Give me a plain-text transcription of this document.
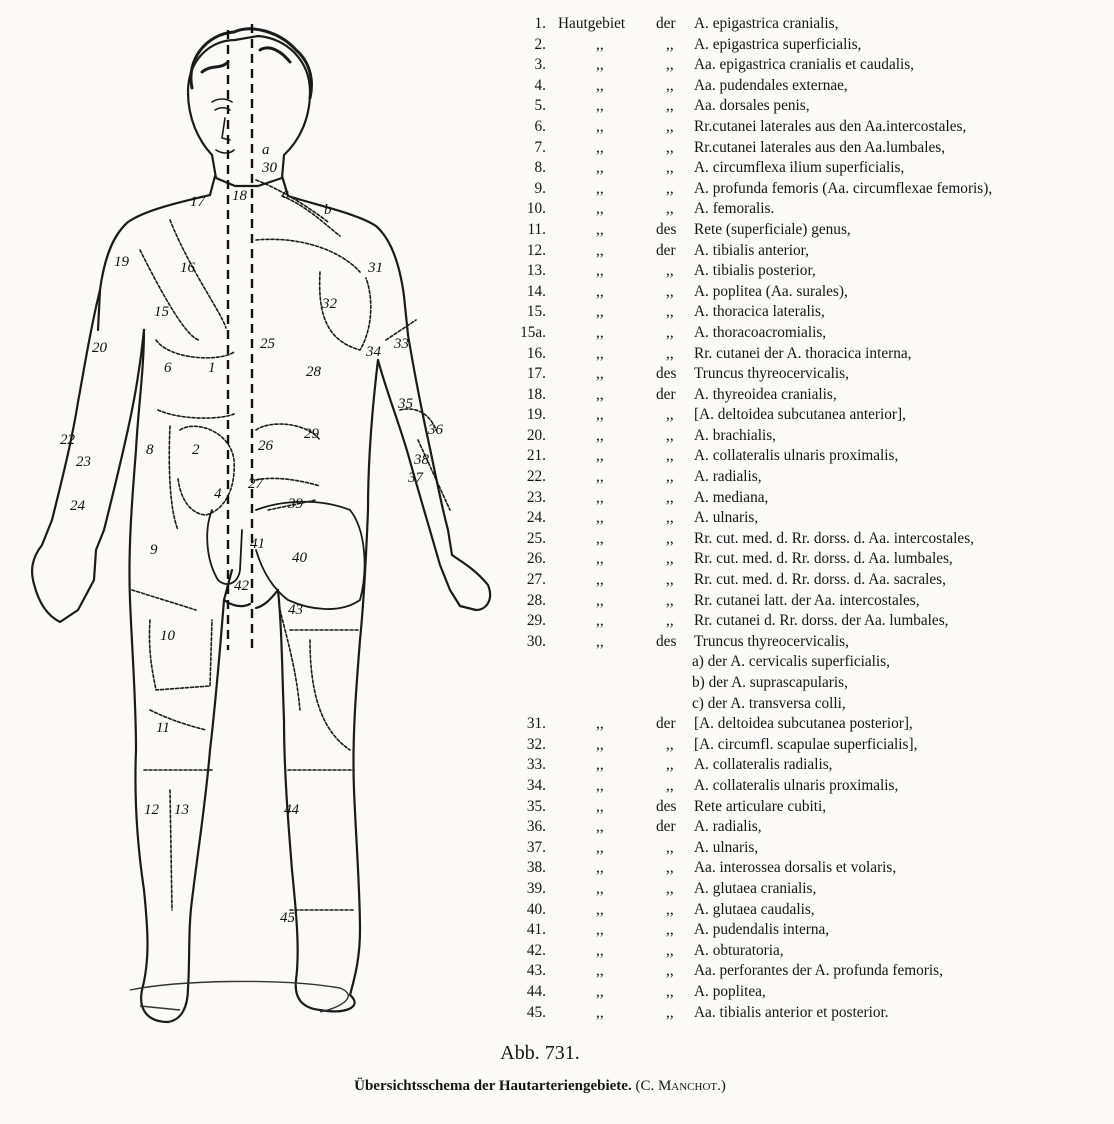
1
2
4
6
8
9
10
11
12 13
15
16
17 18
19
20
22
23
24
25
26
27
28
29
30
31
32
33
34
35
36
37
38
39
40
41
42
43
44
45
a
b
c
1. Hautgebiet der A. epigastrica cranialis,
2.	,,	,, A. epigastrica superficialis,
3.	,,	,, Aa. epigastrica cranialis et caudalis,
4.	,,	,, Aa. pudendales externae,
5.	,,	,, Aa. dorsales penis,
6.	,,	,, Rr.cutanei laterales aus den Aa.intercostales,
7.	,,	,, Rr.cutanei laterales aus den Aa.lumbales,
8.	,,	,, A. circumflexa ilium superficialis,
9.	,,	,, A. profunda femoris (Aa. circumflexae femoris),
10.	,,	,, A. femoralis.
11.	,,	des Rete (superficiale) genus,
12.	,,	der A. tibialis anterior,
13.	,,	,, A. tibialis posterior,
14.	,,	,, A. poplitea (Aa. surales),
15.	,,	,, A. thoracica lateralis,
15a.	,,	,, A. thoracoacromialis,
16.	,,	,, Rr. cutanei der A. thoracica interna,
17.	,,	des Truncus thyreocervicalis,
18.	,,	der A. thyreoidea cranialis,
19.	,,	,, [A. deltoidea subcutanea anterior],
20.	,,	,, A. brachialis,
21.	,,	,, A. collateralis ulnaris proximalis,
22.	,,	,, A. radialis,
23.	,,	,, A. mediana,
24.	,,	,, A. ulnaris,
25.	,,	,, Rr. cut. med. d. Rr. dorss. d. Aa. intercostales,
26.	,,	,, Rr. cut. med. d. Rr. dorss. d. Aa. lumbales,
27.	,,	,, Rr. cut. med. d. Rr. dorss. d. Aa. sacrales,
28.	,,	,, Rr. cutanei latt. der Aa. intercostales,
29.	,,	,, Rr. cutanei d. Rr. dorss. der Aa. lumbales,
30.	,,	des Truncus thyreocervicalis,
a) der A. cervicalis superficialis,
b) der A. suprascapularis,
c) der A. transversa colli,
31.	,,	der [A. deltoidea subcutanea posterior],
32.	,,	,, [A. circumfl. scapulae superficialis],
33.	,,	,, A. collateralis radialis,
34.	,,	,, A. collateralis ulnaris proximalis,
35.	,,	des Rete articulare cubiti,
36.	,,	der A. radialis,
37.	,,	,, A. ulnaris,
38.	,,	,, Aa. interossea dorsalis et volaris,
39.	,,	,, A. glutaea cranialis,
40.	,,	,, A. glutaea caudalis,
41.	,,	,, A. pudendalis interna,
42.	,,	,, A. obturatoria,
43.	,,	,, Aa. perforantes der A. profunda femoris,
44.	,,	,, A. poplitea,
45.	,,	,, Aa. tibialis anterior et posterior.
Abb. 731.
Übersichtsschema der Hautarteriengebiete. (C. Manchot.)
